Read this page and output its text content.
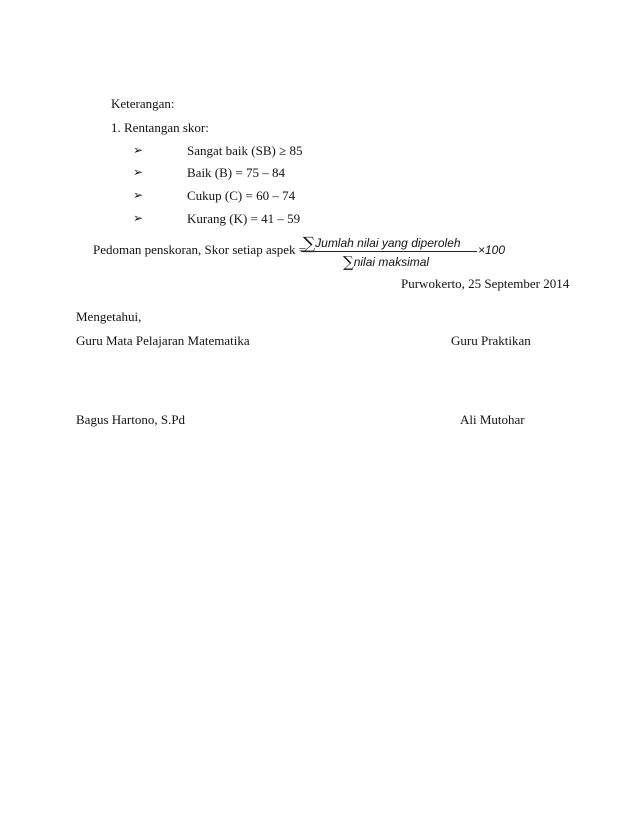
Keterangan:
1. Rentangan skor:
➢	Sangat baik (SB) ≥ 85
➢	Baik (B) = 75 – 84
➢	Cukup (C) = 60 – 74
➢	Kurang (K) = 41 – 59
Pedoman penskoran, Skor setiap aspek =
∑Jumlah nilai yang diperoleh
∑nilai maksimal
×100
Purwokerto, 25 September 2014
Mengetahui,
Guru Mata Pelajaran Matematika	Guru Praktikan
Bagus Hartono, S.Pd	Ali Mutohar
